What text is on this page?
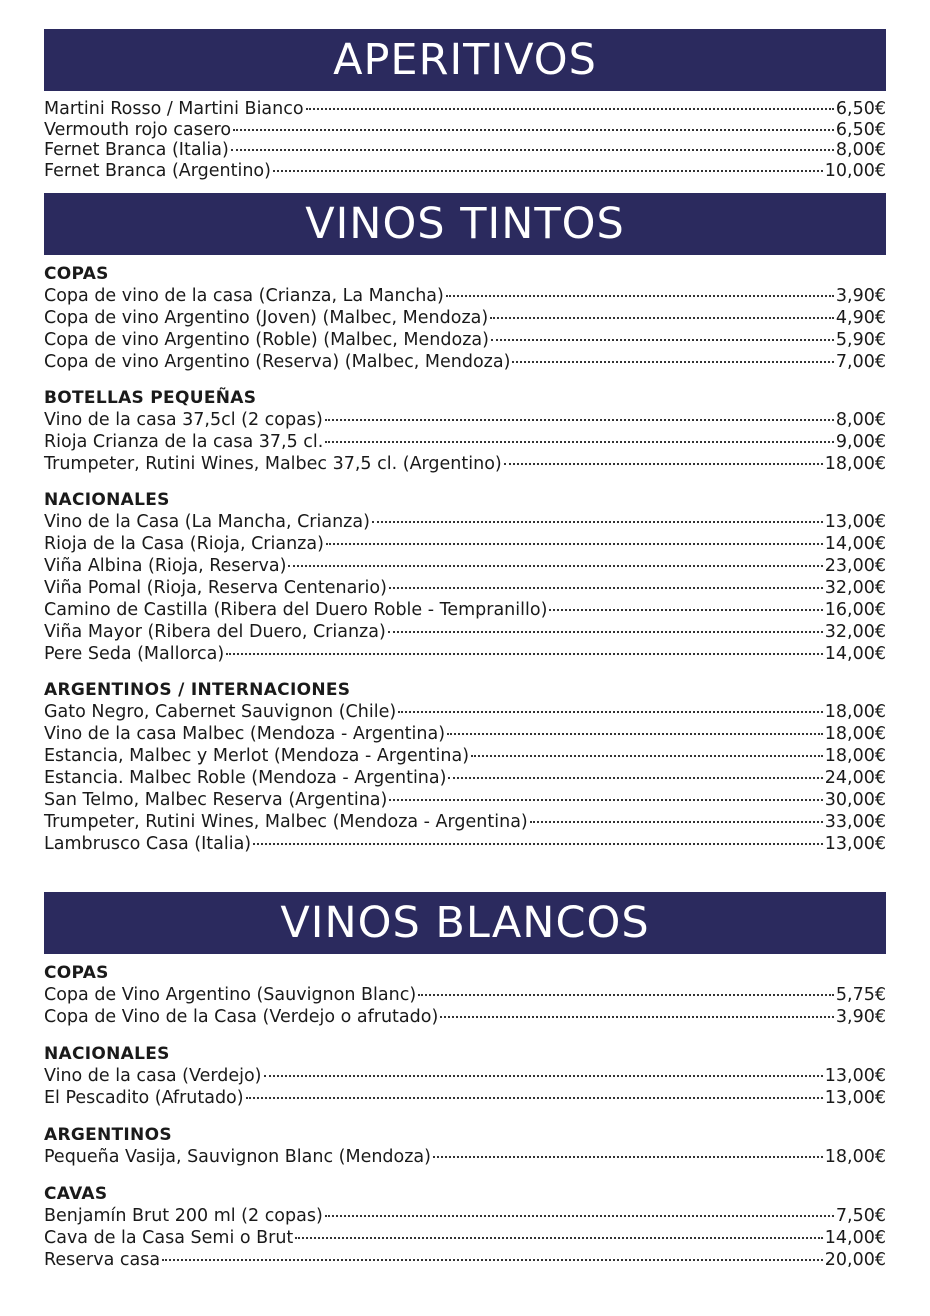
APERITIVOS
Martini Rosso / Martini Bianco	6,50€
Vermouth rojo casero	6,50€
Fernet Branca (Italia)	8,00€
Fernet Branca (Argentino)	10,00€
VINOS TINTOS
COPAS
Copa de vino de la casa (Crianza, La Mancha)	3,90€
Copa de vino Argentino (Joven) (Malbec, Mendoza)	4,90€
Copa de vino Argentino (Roble) (Malbec, Mendoza)	5,90€
Copa de vino Argentino (Reserva) (Malbec, Mendoza)	7,00€
BOTELLAS PEQUEÑAS
Vino de la casa 37,5cl (2 copas)	8,00€
Rioja Crianza de la casa 37,5 cl.	9,00€
Trumpeter, Rutini Wines, Malbec 37,5 cl. (Argentino)	18,00€
NACIONALES
Vino de la Casa (La Mancha, Crianza)	13,00€
Rioja de la Casa (Rioja, Crianza)	14,00€
Viña Albina (Rioja, Reserva)	23,00€
Viña Pomal (Rioja, Reserva Centenario)	32,00€
Camino de Castilla (Ribera del Duero Roble - Tempranillo)	16,00€
Viña Mayor (Ribera del Duero, Crianza)	32,00€
Pere Seda (Mallorca)	14,00€
ARGENTINOS / INTERNACIONES
Gato Negro, Cabernet Sauvignon (Chile)	18,00€
Vino de la casa Malbec (Mendoza - Argentina)	18,00€
Estancia, Malbec y Merlot (Mendoza - Argentina)	18,00€
Estancia. Malbec Roble (Mendoza - Argentina)	24,00€
San Telmo, Malbec Reserva (Argentina)	30,00€
Trumpeter, Rutini Wines, Malbec (Mendoza - Argentina)	33,00€
Lambrusco Casa (Italia)	13,00€
VINOS BLANCOS
COPAS
Copa de Vino Argentino (Sauvignon Blanc)	5,75€
Copa de Vino de la Casa (Verdejo o afrutado)	3,90€
NACIONALES
Vino de la casa (Verdejo)	13,00€
El Pescadito (Afrutado)	13,00€
ARGENTINOS
Pequeña Vasija, Sauvignon Blanc (Mendoza)	18,00€
CAVAS
Benjamín Brut 200 ml (2 copas)	7,50€
Cava de la Casa Semi o Brut	14,00€
Reserva casa	20,00€
